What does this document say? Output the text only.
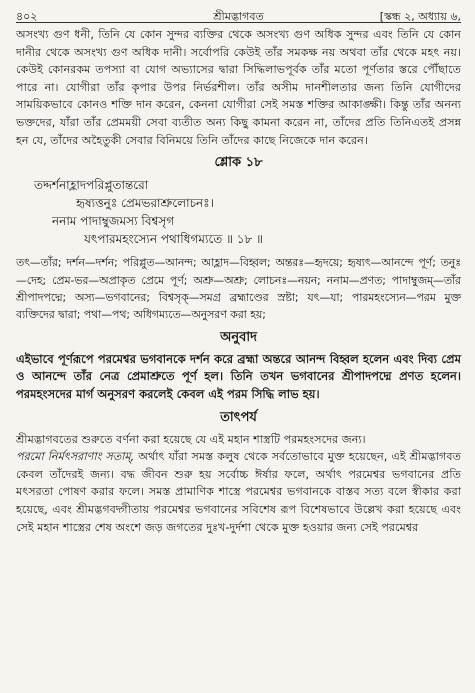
৪০২	শ্রীমদ্ভাগবত	[স্কন্ধ ২, অধ্যায় ৬,

অসংখ্য গুণ ধনী, তিনি যে কোন সুন্দর ব্যক্তির থেকে অসংখ্য গুণ অধিক সুন্দর এবং তিনি যে কোন দানীর থেকে অসংখ্য গুণ অধিক দানী। সর্বোপরি কেউই তাঁর সমকক্ষ নয় অথবা তাঁর থেকে মহৎ নয়। কেউই কোনরকম তপস্যা বা যোগ অভ্যাসের দ্বারা সিদ্ধিলাভপূর্বক তাঁর মতো পূর্ণতার স্তরে পৌঁছাতে পারে না। যোগীরা তাঁর কৃপার উপর নির্ভরশীল। তাঁর অসীম দানশীলতার জন্য তিনি যোগীদের সাময়িকভাবে কোনও শক্তি দান করেন, কেননা যোগীরা সেই সমস্ত শক্তির আকাঙ্ক্ষী। কিন্তু তাঁর অনন্য ভক্তদের, যাঁরা তাঁর প্রেমময়ী সেবা ব্যতীত অন্য কিছু কামনা করেন না, তাঁদের প্রতি তিনিএতই প্রসন্ন হন যে, তাঁদের অহৈতুকী সেবার বিনিময়ে তিনি তাঁদের কাছে নিজেকে দান করেন।

শ্লোক ১৮
তদ্দর্শনাহ্লাদপরিপ্লুতান্তরো
হৃষ্যত্তনুঃ প্রেমভরাশ্রুলোচনঃ।
ননাম পাদাম্বুজমস্য বিশ্বসৃগ
যৎপারমহংস্যেন পথাধিগম্যতে ॥ ১৮ ॥

তৎ—তাঁর; দর্শন—দর্শন; পরিপ্লুত—আনন্দ; আহ্লাদ—বিহ্বল; অন্তরঃ—হৃদয়ে; হৃষ্যৎ—আনন্দে পূর্ণ; তনুঃ—দেহ; প্রেম-ভর—অপ্রাকৃত প্রেমে পূর্ণ; অশ্রু—অশ্রু; লোচনঃ—নয়ন; ননাম—প্রণত; পাদাম্বুজম্—তাঁর শ্রীপাদপদ্মে; অস্য—ভগবানের; বিশ্বসৃক্—সমগ্র ব্রহ্মাণ্ডের স্রষ্টা; যৎ—যা; পারমহংস্যেন—পরম মুক্ত ব্যক্তিদের দ্বারা; পথা—পথ; অধিগম্যতে—অনুসরণ করা হয়;

অনুবাদ

এইভাবে পূর্ণরূপে পরমেশ্বর ভগবানকে দর্শন করে ব্রহ্মা অন্তরে আনন্দ বিহ্বল হলেন এবং দিব্য প্রেম ও আনন্দে তাঁর নেত্র প্রেমাশ্রুতে পূর্ণ হল। তিনি তখন ভগবানের শ্রীপাদপদ্মে প্রণত হলেন। পরমহংসদের মার্গ অনুসরণ করলেই কেবল এই পরম সিদ্ধি লাভ হয়।

তাৎপর্য

শ্রীমদ্ভাগবতের শুরুতে বর্ণনা করা হয়েছে যে এই মহান শাস্ত্রটি পরমহংসদের জন্য।
পরমো নির্মৎসরাণাং সতাম্, অর্থাৎ যাঁরা সমস্ত কলুষ থেকে সর্বতোভাবে মুক্ত হয়েছেন, এই শ্রীমদ্ভাগবত কেবল তাঁদেরই জন্য। বদ্ধ জীবন শুরু হয় সর্বোচ্চ ঈর্ষার ফলে, অর্থাৎ পরমেশ্বর ভগবানের প্রতি মৎসরতা পোষণ করার ফলে। সমস্ত প্রামাণিক শাস্ত্রে পরমেশ্বর ভগবানকে বাস্তব সত্য বলে স্বীকার করা হয়েছে, এবং শ্রীমদ্ভগবদ্গীতায় পরমেশ্বর ভগবানের সবিশেষ রূপ বিশেষভাবে উল্লেখ করা হয়েছে এবং সেই মহান শাস্ত্রের শেষ অংশে জড় জগতের দুঃখ-দুর্দশা থেকে মুক্ত হওয়ার জন্য সেই পরমেশ্বর
